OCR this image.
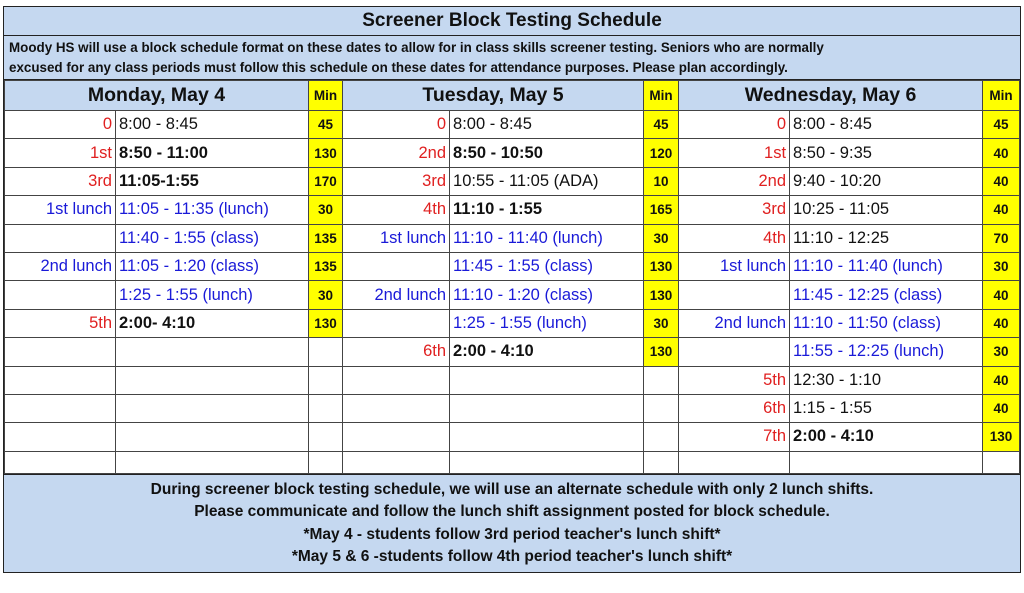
Screener Block Testing Schedule
Moody HS will use a block schedule format on these dates to allow for in class skills screener testing. Seniors who are normally
excused for any class periods must follow this schedule on these dates for attendance purposes. Please plan accordingly.
Monday, May 4		Min	Tuesday, May 5		Min	Wednesday, May 6		Min
0	8:00 - 8:45	45	0	8:00 - 8:45	45	0	8:00 - 8:45	45
1st	8:50 - 11:00	130	2nd	8:50 - 10:50	120	1st	8:50 - 9:35	40
3rd	11:05-1:55	170	3rd	10:55 - 11:05 (ADA)	10	2nd	9:40 - 10:20	40
1st lunch	11:05 - 11:35 (lunch)	30	4th	11:10 - 1:55	165	3rd	10:25 - 11:05	40
	11:40 - 1:55 (class)	135	1st lunch	11:10 - 11:40 (lunch)	30	4th	11:10 - 12:25	70
2nd lunch	11:05 - 1:20 (class)	135		11:45 - 1:55 (class)	130	1st lunch	11:10 - 11:40 (lunch)	30
	1:25 - 1:55 (lunch)	30	2nd lunch	11:10 - 1:20 (class)	130		11:45 - 12:25 (class)	40
5th	2:00- 4:10	130		1:25 - 1:55 (lunch)	30	2nd lunch	11:10 - 11:50 (class)	40
			6th	2:00 - 4:10	130		11:55 - 12:25 (lunch)	30
						5th	12:30 - 1:10	40
						6th	1:15 - 1:55	40
						7th	2:00 - 4:10	130

During screener block testing schedule, we will use an alternate schedule with only 2 lunch shifts.
Please communicate and follow the lunch shift assignment posted for block schedule.
*May 4 - students follow 3rd period teacher's lunch shift*
*May 5 & 6 -students follow 4th period teacher's lunch shift*
